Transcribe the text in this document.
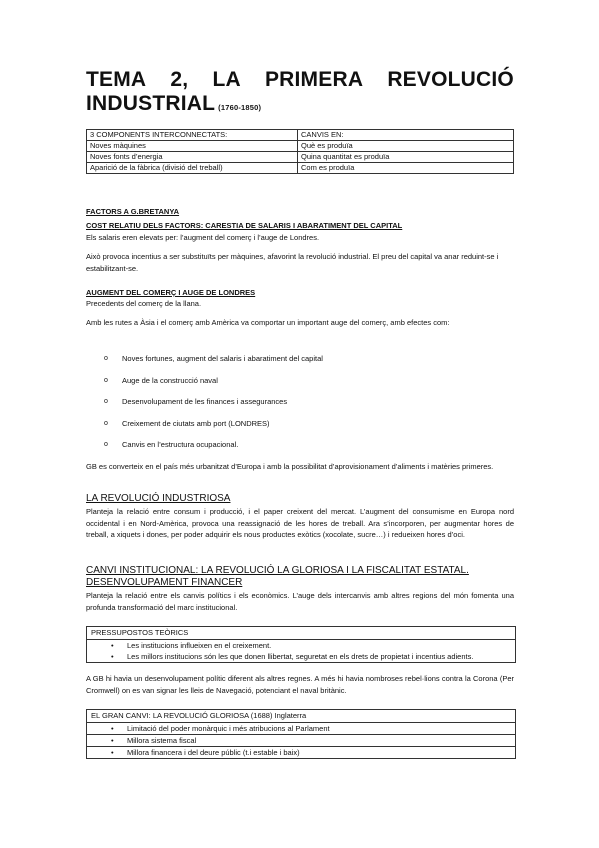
TEMA 2, LA PRIMERA REVOLUCIÓ
INDUSTRIAL (1760-1850)
3 COMPONENTS INTERCONNECTATS:	CANVIS EN:
Noves màquines	Què es produïa
Noves fonts d’energia	Quina quantitat es produïa
Aparició de la fàbrica (divisió del treball)	Com es produïa
FACTORS A G.BRETANYA
COST RELATIU DELS FACTORS: CARESTIA DE SALARIS I ABARATIMENT DEL CAPITAL
Els salaris eren elevats per: l’augment del comerç i l’auge de Londres.
Això provoca incentius a ser substituïts per màquines, afavorint la revolució industrial. El preu del capital va anar reduint-se i estabilitzant-se.
AUGMENT DEL COMERÇ I AUGE DE LONDRES
Precedents del comerç de la llana.
Amb les rutes a Àsia i el comerç amb Amèrica va comportar un important auge del comerç, amb efectes com:
o Noves fortunes, augment del salaris i abaratiment del capital
o Auge de la construcció naval
o Desenvolupament de les finances i assegurances
o Creixement de ciutats amb port (LONDRES)
o Canvis en l’estructura ocupacional.
GB es converteix en el país més urbanitzat d’Europa i amb la possibilitat d’aprovisionament d’aliments i matèries primeres.
LA REVOLUCIÓ INDUSTRIOSA
Planteja la relació entre consum i producció, i el paper creixent del mercat. L’augment del consumisme en Europa nord occidental i en Nord-Amèrica, provoca una reassignació de les hores de treball. Ara s’incorporen, per augmentar hores de treball, a xiquets i dones, per poder adquirir els nous productes exòtics (xocolate, sucre…) i redueixen hores d’oci.
CANVI INSTITUCIONAL: LA REVOLUCIÓ LA GLORIOSA I LA FISCALITAT ESTATAL.
DESENVOLUPAMENT FINANCER
Planteja la relació entre els canvis polítics i els econòmics. L’auge dels intercanvis amb altres regions del món fomenta una profunda transformació del marc institucional.
PRESSUPOSTOS TEÒRICS
• Les institucions influeixen en el creixement.
• Les millors institucions són les que donen llibertat, seguretat en els drets de propietat i incentius adients.
A GB hi havia un desenvolupament polític diferent als altres regnes. A més hi havia nombroses rebel·lions contra la Corona (Per Cromwell) on es van signar les lleis de Navegació, potenciant el naval britànic.
EL GRAN CANVI: LA REVOLUCIÓ GLORIOSA (1688) Inglaterra
• Limitació del poder monàrquic i més atribucions al Parlament
• Millora sistema fiscal
• Millora financera i del deure públic (t.i estable i baix)
